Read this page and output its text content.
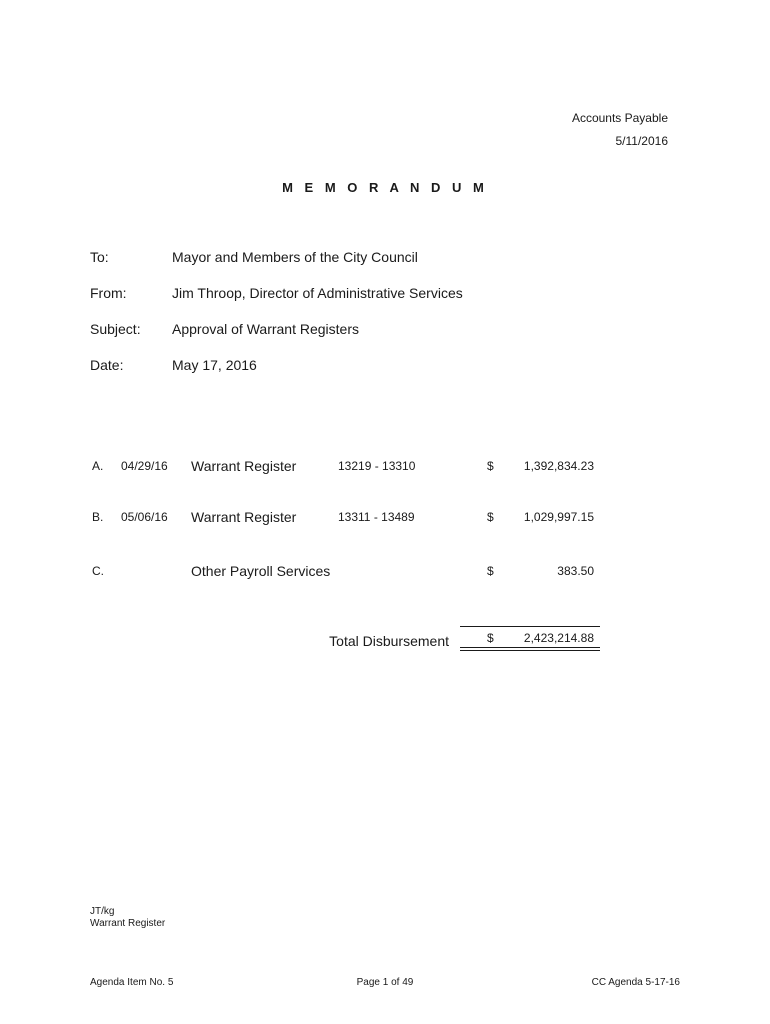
Accounts Payable
5/11/2016
M E M O R A N D U M
To:	Mayor and Members of the City Council
From:	Jim Throop, Director of Administrative Services
Subject: Approval of Warrant Registers
Date:	May 17, 2016
A. 04/29/16 Warrant Register	13219 - 13310	$	1,392,834.23
B. 05/06/16 Warrant Register	13311 - 13489	$	1,029,997.15
C.	Other Payroll Services	$	383.50
Total Disbursement	$	2,423,214.88
JT/kg
Warrant Register
Agenda Item No. 5	Page 1 of 49	CC Agenda 5-17-16
